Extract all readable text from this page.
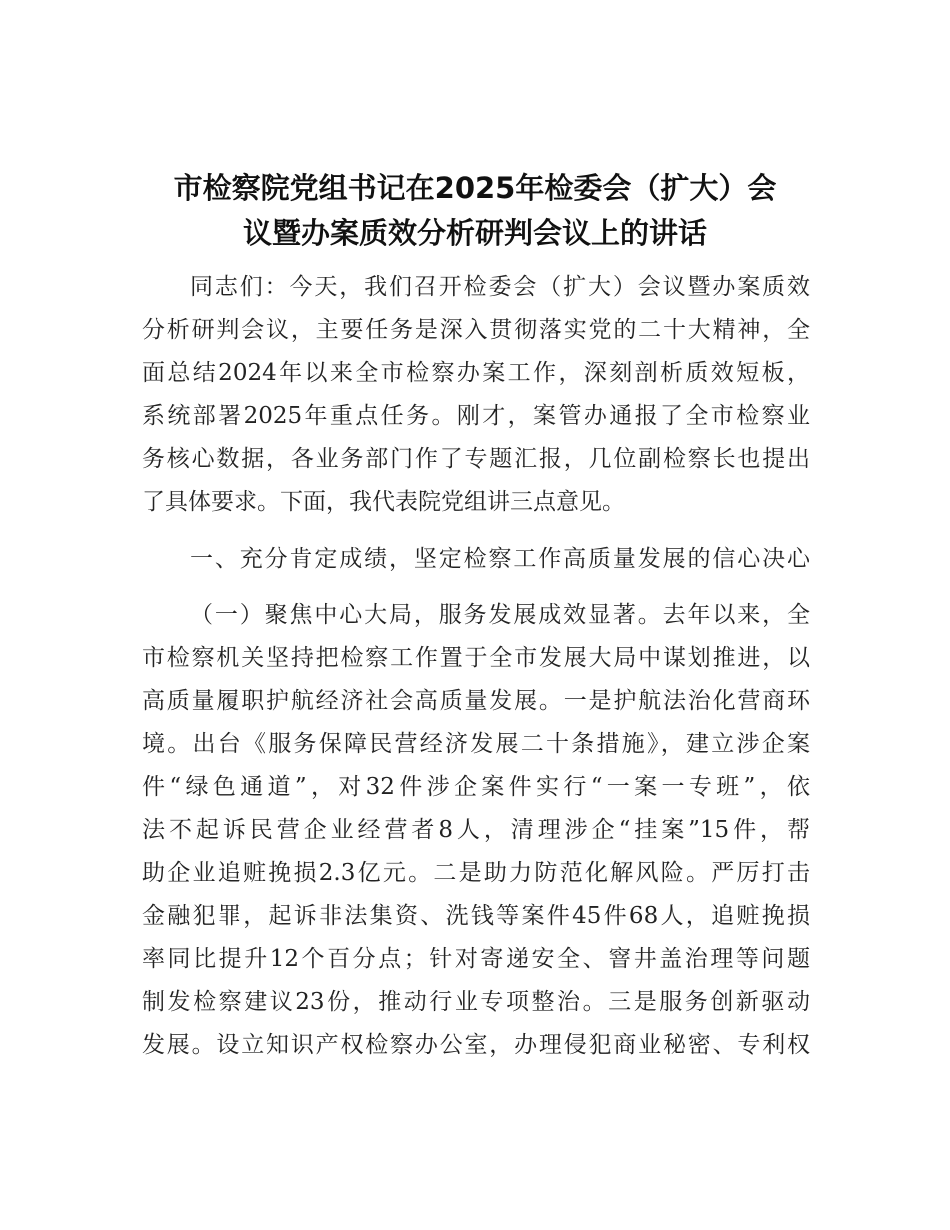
市检察院党组书记在2025年检委会（扩大）会
议暨办案质效分析研判会议上的讲话
同志们：今天，我们召开检委会（扩大）会议暨办案质效
分析研判会议，主要任务是深入贯彻落实党的二十大精神，全
面总结2024年以来全市检察办案工作，深刻剖析质效短板，
系统部署2025年重点任务。刚才，案管办通报了全市检察业
务核心数据，各业务部门作了专题汇报，几位副检察长也提出
了具体要求。下面，我代表院党组讲三点意见。
一、充分肯定成绩，坚定检察工作高质量发展的信心决心
（一）聚焦中心大局，服务发展成效显著。去年以来，全
市检察机关坚持把检察工作置于全市发展大局中谋划推进，以
高质量履职护航经济社会高质量发展。一是护航法治化营商环
境。出台《服务保障民营经济发展二十条措施》，建立涉企案
件“绿色通道”，对32件涉企案件实行“一案一专班”，依
法不起诉民营企业经营者8人，清理涉企“挂案”15件，帮
助企业追赃挽损2.3亿元。二是助力防范化解风险。严厉打击
金融犯罪，起诉非法集资、洗钱等案件45件68人，追赃挽损
率同比提升12个百分点；针对寄递安全、窨井盖治理等问题
制发检察建议23份，推动行业专项整治。三是服务创新驱动
发展。设立知识产权检察办公室，办理侵犯商业秘密、专利权
